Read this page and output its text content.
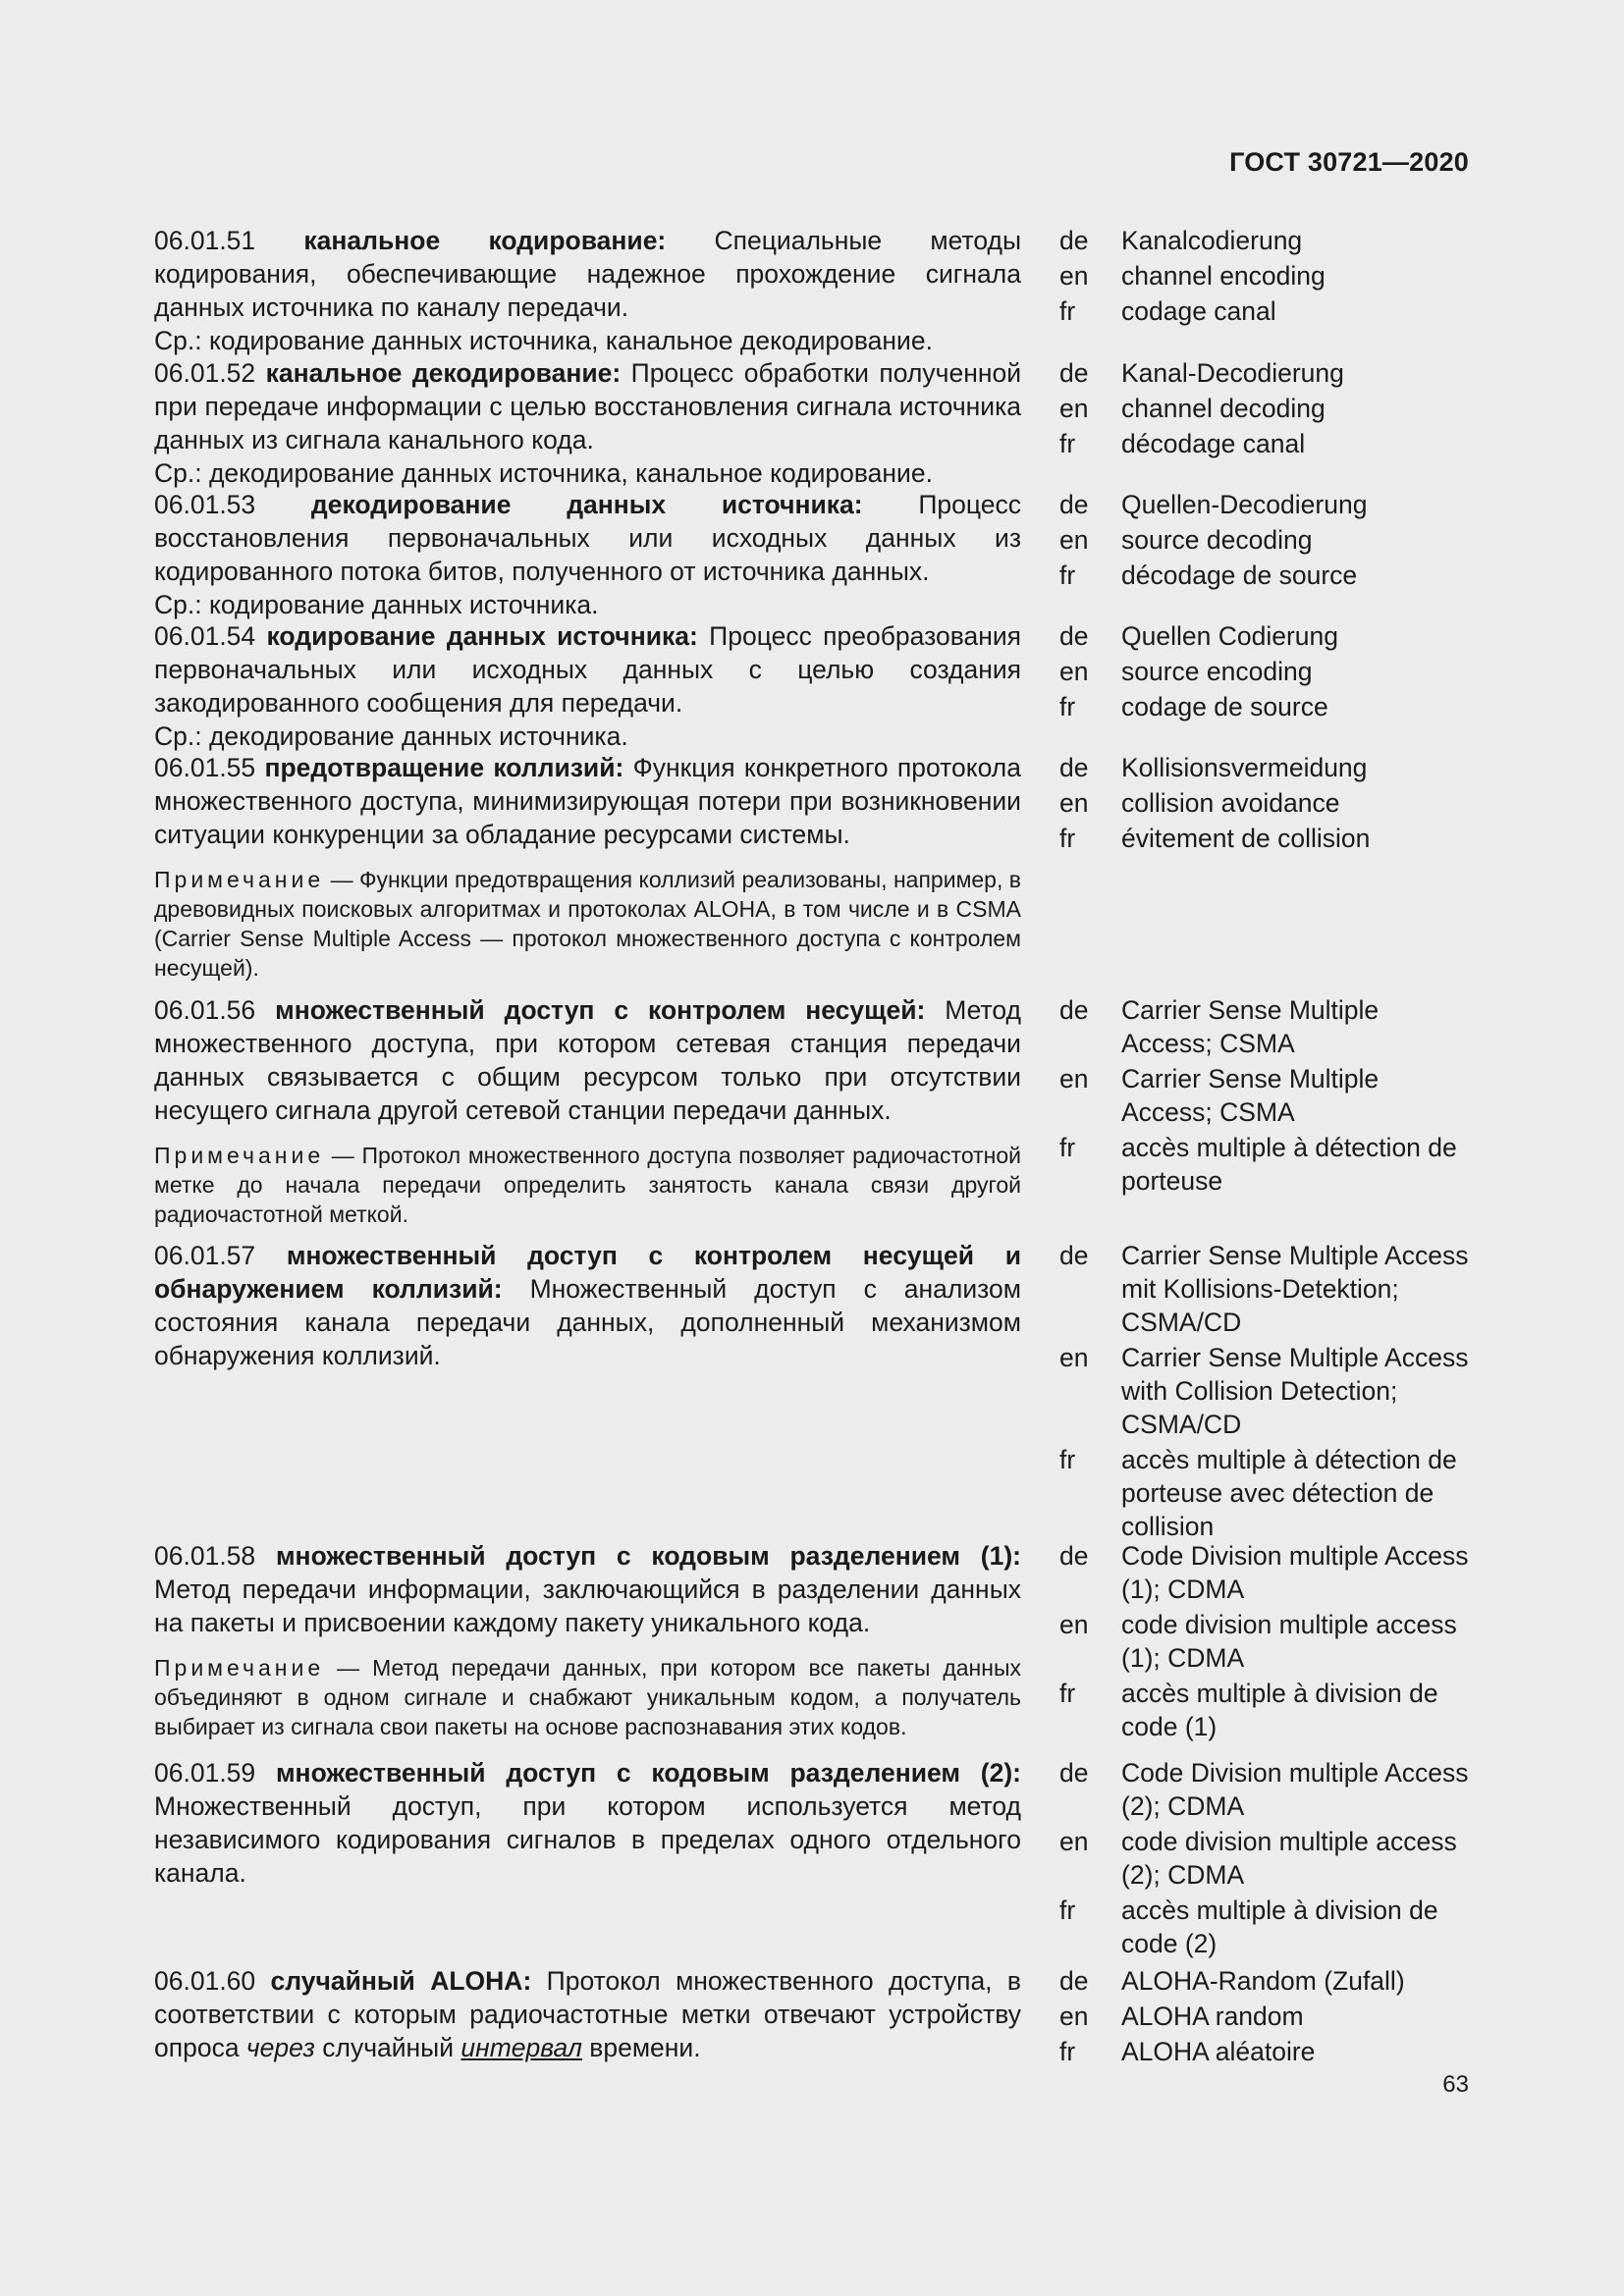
ГОСТ 30721—2020

06.01.51 канальное кодирование: Специальные методы кодирования, обеспечивающие надежное прохождение сигнала данных источника по каналу передачи.

Ср.: кодирование данных источника, канальное декодирование.

de	Kanalcodierung
en	channel encoding
fr	codage canal

06.01.52 канальное декодирование: Процесс обработки полученной при передаче информации с целью восстановления сигнала источника данных из сигнала канального кода.

Ср.: декодирование данных источника, канальное кодирование.

de	Kanal-Decodierung
en	channel decoding
fr	décodage canal

06.01.53 декодирование данных источника: Процесс восстановления первоначальных или исходных данных из кодированного потока битов, полученного от источника данных.

Ср.: кодирование данных источника.

de	Quellen-Decodierung
en	source decoding
fr	décodage de source

06.01.54 кодирование данных источника: Процесс преобразования первоначальных или исходных данных с целью создания закодированного сообщения для передачи.

Ср.: декодирование данных источника.

de	Quellen Codierung
en	source encoding
fr	codage de source

06.01.55 предотвращение коллизий: Функция конкретного протокола множественного доступа, минимизирующая потери при возникновении ситуации конкуренции за обладание ресурсами системы.

Примечание — Функции предотвращения коллизий реализованы, например, в древовидных поисковых алгоритмах и протоколах ALOHA, в том числе и в CSMA (Carrier Sense Multiple Access — протокол множественного доступа с контролем несущей).

de	Kollisionsvermeidung
en	collision avoidance
fr	évitement de collision

06.01.56 множественный доступ с контролем несущей: Метод множественного доступа, при котором сетевая станция передачи данных связывается с общим ресурсом только при отсутствии несущего сигнала другой сетевой станции передачи данных.

Примечание — Протокол множественного доступа позволяет радиочастотной метке до начала передачи определить занятость канала связи другой радиочастотной меткой.

de	Carrier Sense Multiple Access; CSMA
en	Carrier Sense Multiple Access; CSMA
fr	accès multiple à détection de porteuse

06.01.57 множественный доступ с контролем несущей и обнаружением коллизий: Множественный доступ с анализом состояния канала передачи данных, дополненный механизмом обнаружения коллизий.

de	Carrier Sense Multiple Access mit Kollisions-Detektion; CSMA/CD
en	Carrier Sense Multiple Access with Collision Detection; CSMA/CD
fr	accès multiple à détection de porteuse avec détection de collision

06.01.58 множественный доступ с кодовым разделением (1): Метод передачи информации, заключающийся в разделении данных на пакеты и присвоении каждому пакету уникального кода.

Примечание — Метод передачи данных, при котором все пакеты данных объединяют в одном сигнале и снабжают уникальным кодом, а получатель выбирает из сигнала свои пакеты на основе распознавания этих кодов.

de	Code Division multiple Access (1); CDMA
en	code division multiple access (1); CDMA
fr	accès multiple à division de code (1)

06.01.59 множественный доступ с кодовым разделением (2): Множественный доступ, при котором используется метод независимого кодирования сигналов в пределах одного отдельного канала.

de	Code Division multiple Access (2); CDMA
en	code division multiple access (2); CDMA
fr	accès multiple à division de code (2)

06.01.60 случайный ALOHA: Протокол множественного доступа, в соответствии с которым радиочастотные метки отвечают устройству опроса через случайный интервал времени.

de	ALOHA-Random (Zufall)
en	ALOHA random
fr	ALOHA aléatoire
63
